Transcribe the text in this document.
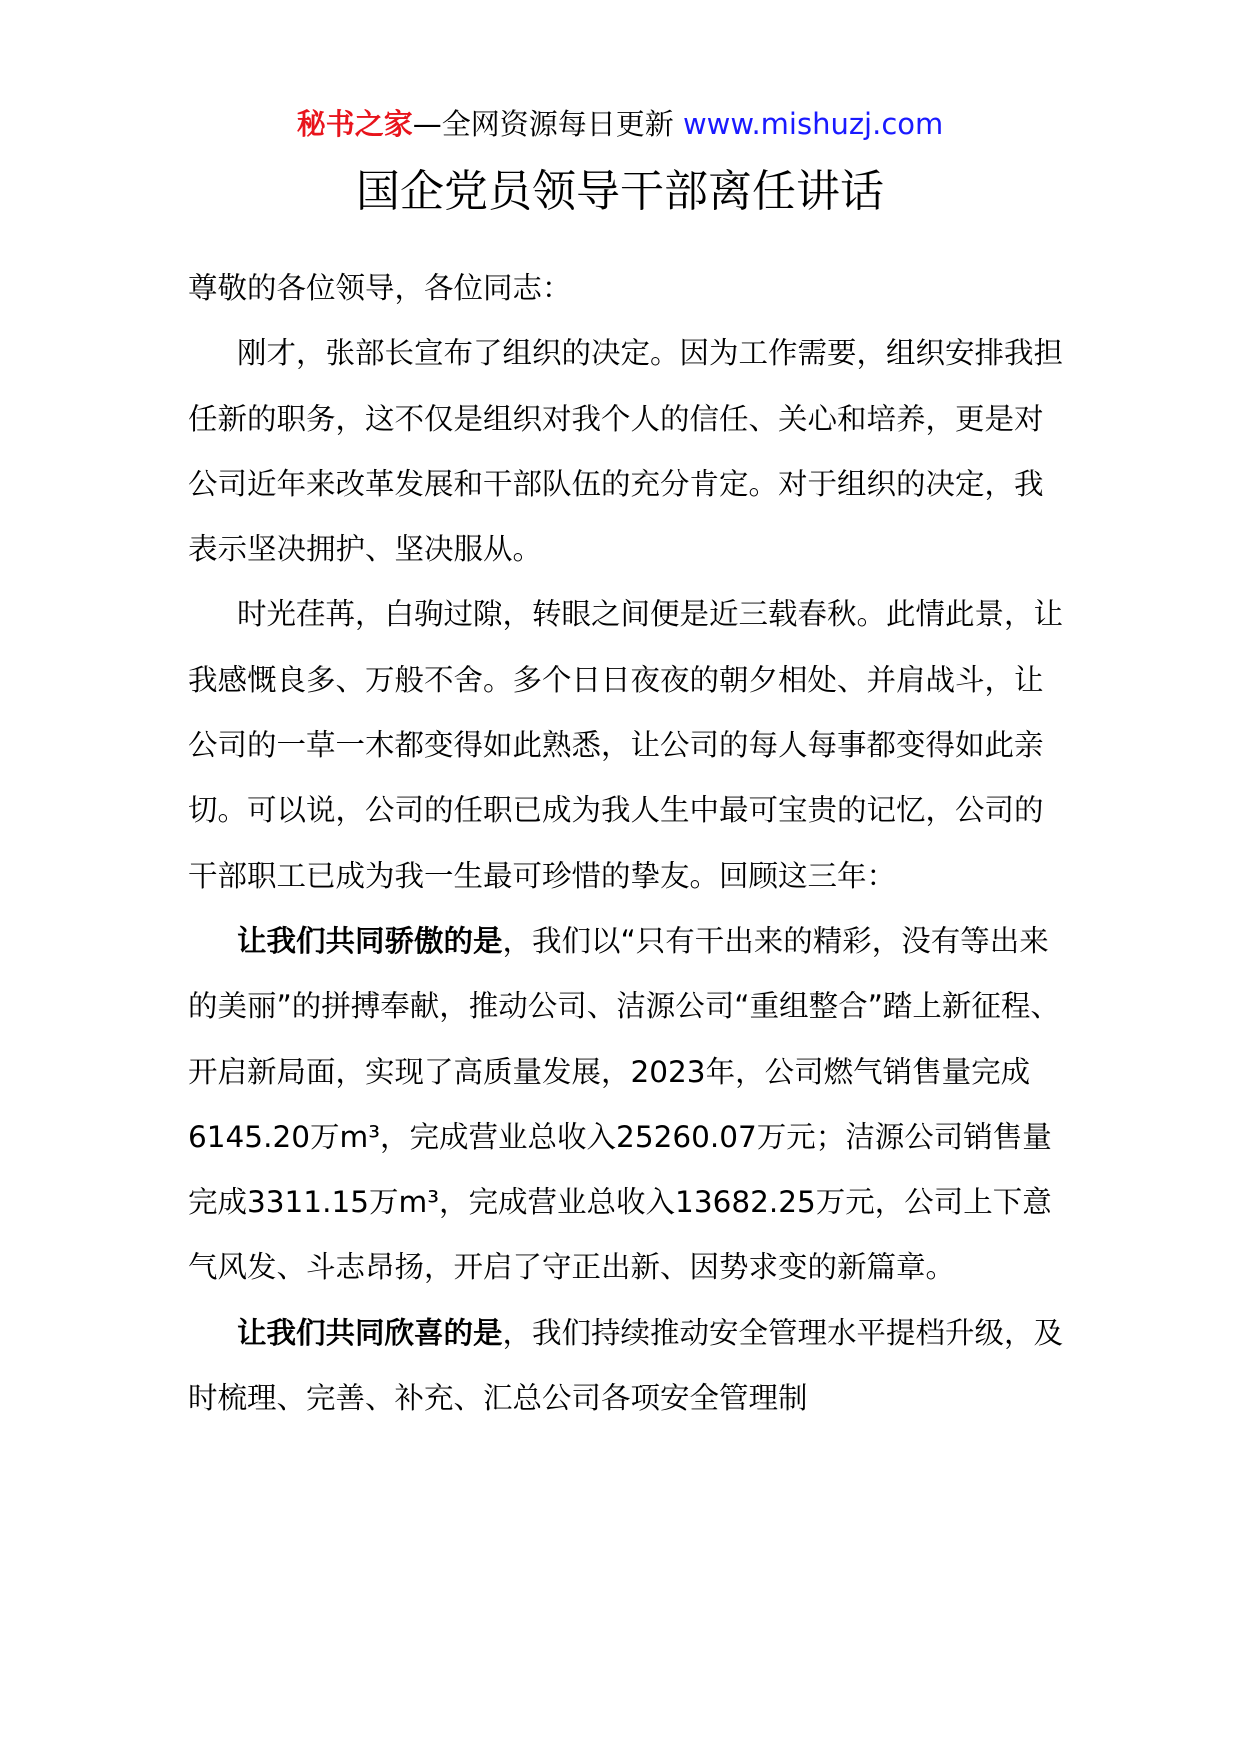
秘书之家—全网资源每日更新 www.mishuzj.com
国企党员领导干部离任讲话

尊敬的各位领导，各位同志：

刚才，张部长宣布了组织的决定。因为工作需要，组织安排我担任新的职务，这不仅是组织对我个人的信任、关心和培养，更是对公司近年来改革发展和干部队伍的充分肯定。对于组织的决定，我表示坚决拥护、坚决服从。

时光荏苒，白驹过隙，转眼之间便是近三载春秋。此情此景，让我感慨良多、万般不舍。多个日日夜夜的朝夕相处、并肩战斗，让公司的一草一木都变得如此熟悉，让公司的每人每事都变得如此亲切。可以说，公司的任职已成为我人生中最可宝贵的记忆，公司的干部职工已成为我一生最可珍惜的挚友。回顾这三年：

让我们共同骄傲的是，我们以“只有干出来的精彩，没有等出来的美丽”的拼搏奉献，推动公司、洁源公司“重组整合”踏上新征程、开启新局面，实现了高质量发展，2023年，公司燃气销售量完成6145.20万m³，完成营业总收入25260.07万元；洁源公司销售量完成3311.15万m³，完成营业总收入13682.25万元，公司上下意气风发、斗志昂扬，开启了守正出新、因势求变的新篇章。

让我们共同欣喜的是，我们持续推动安全管理水平提档升级，及时梳理、完善、补充、汇总公司各项安全管理制
